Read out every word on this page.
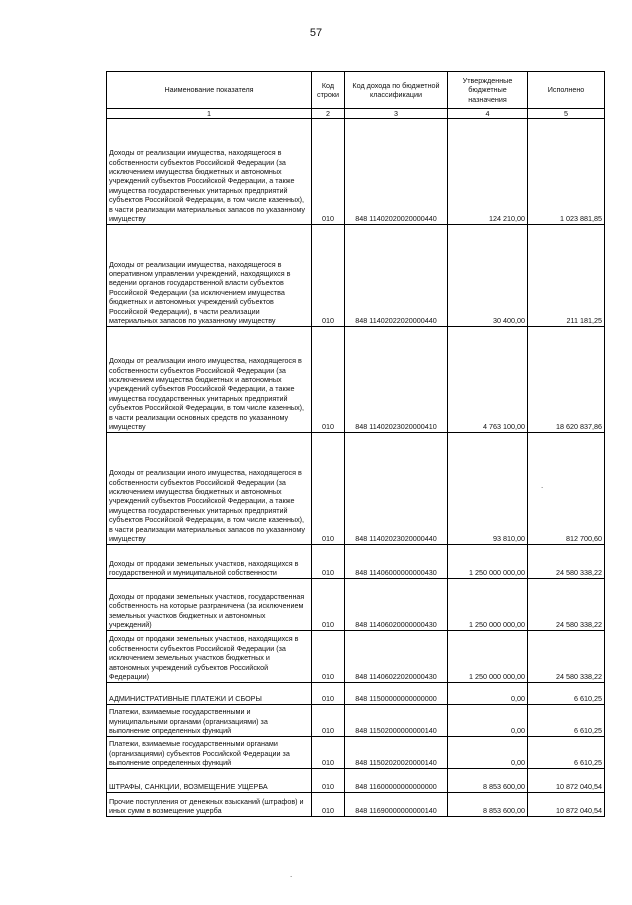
57
Наименование показателя	Код строки	Код дохода по бюджетной классификации	Утвержденные бюджетные назначения	Исполнено
1	2	3	4	5
Доходы от реализации имущества, находящегося в собственности субъектов Российской Федерации (за исключением имущества бюджетных и автономных учреждений субъектов Российской Федерации, а также имущества государственных унитарных предприятий субъектов Российской Федерации, в том числе казенных), в части реализации материальных запасов по указанному имуществу	010	848 11402020020000440	124 210,00	1 023 881,85
Доходы от реализации имущества, находящегося в оперативном управлении учреждений, находящихся в ведении органов государственной власти субъектов Российской Федерации (за исключением имущества бюджетных и автономных учреждений субъектов Российской Федерации), в части реализации материальных запасов по указанному имуществу	010	848 11402022020000440	30 400,00	211 181,25
Доходы от реализации иного имущества, находящегося в собственности субъектов Российской Федерации (за исключением имущества бюджетных и автономных учреждений субъектов Российской Федерации, а также имущества государственных унитарных предприятий субъектов Российской Федерации, в том числе казенных), в части реализации основных средств по указанному имуществу	010	848 11402023020000410	4 763 100,00	18 620 837,86
Доходы от реализации иного имущества, находящегося в собственности субъектов Российской Федерации (за исключением имущества бюджетных и автономных учреждений субъектов Российской Федерации, а также имущества государственных унитарных предприятий субъектов Российской Федерации, в том числе казенных), в части реализации материальных запасов по указанному имуществу	010	848 11402023020000440	93 810,00	812 700,60
Доходы от продажи земельных участков, находящихся в государственной и муниципальной собственности	010	848 11406000000000430	1 250 000 000,00	24 580 338,22
Доходы от продажи земельных участков, государственная собственность на которые разграничена (за исключением земельных участков бюджетных и автономных учреждений)	010	848 11406020000000430	1 250 000 000,00	24 580 338,22
Доходы от продажи земельных участков, находящихся в собственности субъектов Российской Федерации (за исключением земельных участков бюджетных и автономных учреждений субъектов Российской Федерации)	010	848 11406022020000430	1 250 000 000,00	24 580 338,22
АДМИНИСТРАТИВНЫЕ ПЛАТЕЖИ И СБОРЫ	010	848 11500000000000000	0,00	6 610,25
Платежи, взимаемые государственными и муниципальными органами (организациями) за выполнение определенных функций	010	848 11502000000000140	0,00	6 610,25
Платежи, взимаемые государственными органами (организациями) субъектов Российской Федерации за выполнение определенных функций	010	848 11502020020000140	0,00	6 610,25
ШТРАФЫ, САНКЦИИ, ВОЗМЕЩЕНИЕ УЩЕРБА	010	848 11600000000000000	8 853 600,00	10 872 040,54
Прочие поступления от денежных взысканий (штрафов) и иных сумм в возмещение ущерба	010	848 11690000000000140	8 853 600,00	10 872 040,54
.
.
